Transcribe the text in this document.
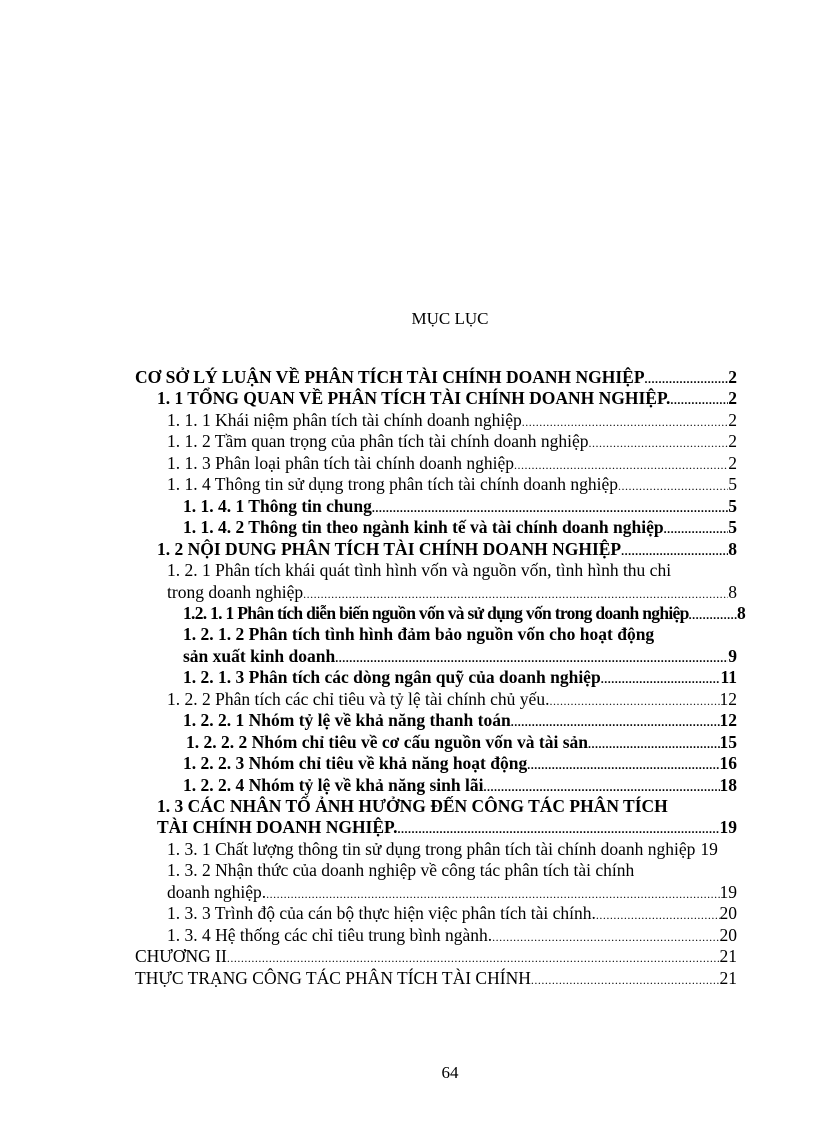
MỤC LỤC
CƠ SỞ LÝ LUẬN VỀ PHÂN TÍCH TÀI CHÍNH DOANH NGHIỆP .....	2
1. 1 TỔNG QUAN VỀ PHÂN TÍCH TÀI CHÍNH DOANH NGHIỆP. .....	2
1. 1. 1 Khái niệm phân tích tài chính doanh nghiệp .....	2
1. 1. 2 Tầm quan trọng của phân tích tài chính doanh nghiệp .....	2
1. 1. 3 Phân loại phân tích tài chính doanh nghiệp .....	2
1. 1. 4 Thông tin sử dụng trong phân tích tài chính doanh nghiệp .....	5
1. 1. 4. 1 Thông tin chung .....	5
1. 1. 4. 2 Thông tin theo ngành kinh tế và tài chính doanh nghiệp .....	5
1. 2 NỘI DUNG PHÂN TÍCH TÀI CHÍNH DOANH NGHIỆP .....	8
1. 2. 1 Phân tích khái quát tình hình vốn và nguồn vốn, tình hình thu chi
trong doanh nghiệp .....	8
1.2. 1. 1 Phân tích diễn biến nguồn vốn và sử dụng vốn trong doanh nghiệp .....	8
1. 2. 1. 2 Phân tích tình hình đảm bảo nguồn vốn cho hoạt động
sản xuất kinh doanh .....	9
1. 2. 1. 3 Phân tích các dòng ngân quỹ của doanh nghiệp .....	11
1. 2. 2 Phân tích các chỉ tiêu và tỷ lệ tài chính chủ yếu. .....	12
1. 2. 2. 1 Nhóm tỷ lệ về khả năng thanh toán .....	12
1. 2. 2. 2 Nhóm chỉ tiêu về cơ cấu nguồn vốn và tài sản .....	15
1. 2. 2. 3 Nhóm chỉ tiêu về khả năng hoạt động .....	16
1. 2. 2. 4 Nhóm tỷ lệ về khả năng sinh lãi .....	18
1. 3 CÁC NHÂN TỐ ẢNH HƯỞNG ĐẾN CÔNG TÁC PHÂN TÍCH
TÀI CHÍNH DOANH NGHIỆP. .....	19
1. 3. 1 Chất lượng thông tin sử dụng trong phân tích tài chính doanh nghiệp 19
1. 3. 2 Nhận thức của doanh nghiệp về công tác phân tích tài chính
doanh nghiệp. .....	19
1. 3. 3 Trình độ của cán bộ thực hiện việc phân tích tài chính. .....	20
1. 3. 4 Hệ thống các chỉ tiêu trung bình ngành. .....	20
CHƯƠNG II .....	21
THỰC TRẠNG CÔNG TÁC PHÂN TÍCH TÀI CHÍNH .....	21
64
